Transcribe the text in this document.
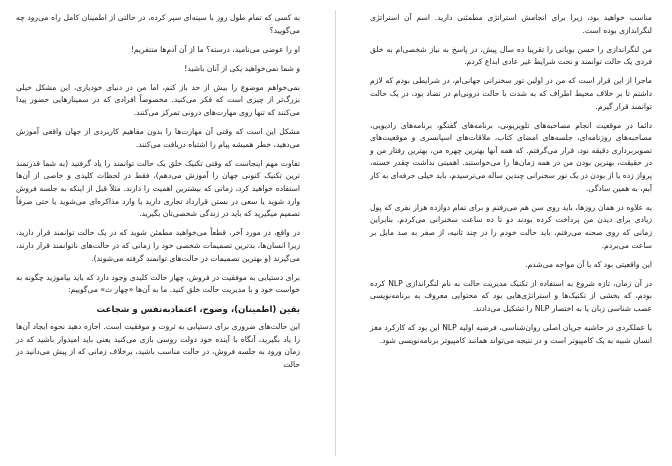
به کسی که تمام طول روز با سینه‌ای سپر کرده، در حالتی از اطمینان کامل راه می‌رود چه می‌گویید؟

او را عوضی می‌نامید، درسته؟ ما از آن آدم‌ها متنفریم!

و شما نمی‌خواهید یکی از آنان باشید!

نمی‌خواهم موضوع را بیش از حد باز کنم، اما من در دنیای خودیاری، این مشکل خیلی بزرگ‌تر از چیزی است که فکر می‌کنید. مخصوصاً افرادی که در سمینارهایی حضور پیدا می‌کنند که تنها روی مهارت‌های درونی تمرکز می‌کنند.

مشکل این است که وقتی آن مهارت‌ها را بدون مفاهیم کاربردی از جهان واقعی آموزش می‌دهید، خطر همیشه پیام را اشتباه دریافت می‌کنند.

تفاوت مهم اینجاست که وقتی تکنیک خلق یک حالت توانمند را یاد گرفتید (به شما قدرتمند ترین تکنیک کنونی جهان را آموزش می‌دهم)، فقط در لحظات کلیدی و خاصی از آن‌ها استفاده خواهید کرد، زمانی که بیشترین اهمیت را دارند. مثلاً قبل از اینکه به جلسه فروش وارد شوید یا سعی در بستن قرارداد تجاری دارید یا وارد مذاکره‌ای می‌شوید یا حتی صرفاً تصمیم میگیرید که باید در زندگی شخصی‌تان بگیرید.

در واقع، در مورد آخر، قطعاً می‌خواهید مطمئن شوید که در یک حالت توانمند قرار دارید، زیرا انسان‌ها، بدترین تصمیمات شخصی خود را زمانی که در حالت‌های ناتوانمند قرار دارند، می‌گیرند (و بهترین تصمیمات در حالت‌های توانمند گرفته می‌شوند).

برای دستیابی به موفقیت در فروش، چهار حالت کلیدی وجود دارد که باید بیاموزید چگونه به خواست خود و با مدیریت حالت خلق کنید. ما به آن‌ها «چهار ث» می‌گوییم:

یقین (اطمینان)، وضوح، اعتماد‌به‌نفس و شجاعت

این حالت‌های ضروری برای دستیابی به ثروت و موفقیت است. اجازه دهید نحوه ایجاد آن‌ها را یاد بگیرید، آنگاه با آینده خود دولت روسی بازی می‌کنید یعنی باید امیدوار باشید که در زمان ورود به جلسه فروش، در حالت مناسب باشید، برخلاف زمانی که از پیش می‌دانید در حالت

مناسب خواهید بود، زیرا برای انجامش استراتژی مطمئنی دارید. اسم آن استراتژی لنگراندازی بوده است.

من لنگراندازی را حسن بوبانی را تقریبا ده سال پیش، در پاسخ به نیاز شخصی‌ام به خلق فردی یک حالت توانمند و تحت شرایط غیر عادی ابداع کردم.

ماجرا از این قرار است که من در اولین تور سخنرانی جهانی‌ام، در شرایطی بودم که لازم داشتم تا بر خلاف محیط اطراف که به شدت با حالت درونی‌ام در تضاد بود، در یک حالت توانمند قرار گیرم.

دائما در موقعیت انجام مصاحبه‌های تلویزیونی، برنامه‌های گفتگو، برنامه‌های رادیویی، مصاحبه‌های روزنامه‌ای، جلسه‌های امضای کتاب، ملاقات‌های اسپانسری و موقعیت‌های تصویربرداری دقیقه نود، قرار می‌گرفتم. که همه آنها بهترین چهره من، بهترین رفتار من و در حقیقت، بهترین بودن من در همه زمان‌ها را می‌خواستند. اهمیتی نداشت چقدر خسته، پرواز زده یا از بودن در یک تور سخنرانی چندین ساله می‌ترسیدم، باید خیلی حرفه‌ای به کار آیم، به همین سادگی.

به علاوه در همان روزها، باید روی سن هم می‌رفتم و برای تمام دوازده هزار نفری که پول زیادی برای دیدن من پرداخت کرده بودند دو تا ده ساعت سخنرانی می‌کردم. بنابراین زمانی که روی صحنه می‌رفتم، باید حالت خودم را در چند ثانیه، از صفر به صد مایل بر ساعت می‌بردم.

این واقعیتی بود که با آن مواجه می‌شدم.

در آن زمان، تازه شروع به استفاده از تکنیک مدیریت حالت به نام لنگراندازی NLP کرده بودم، که بخشی از تکنیک‌ها و استراتژی‌هایی بود که محتوایی معروف به برنامه‌نویسی عصب شناسی زبان یا به اختصار NLP را تشکیل می‌دادند.

با عملکردی در حاشیه جریان اصلی روان‌شناسی، فرضیه اولیه NLP این بود که کارکرد مغز انسان شبیه به یک کامپیوتر است و در نتیجه می‌تواند همانند کامپیوتر برنامه‌نویسی شود.
